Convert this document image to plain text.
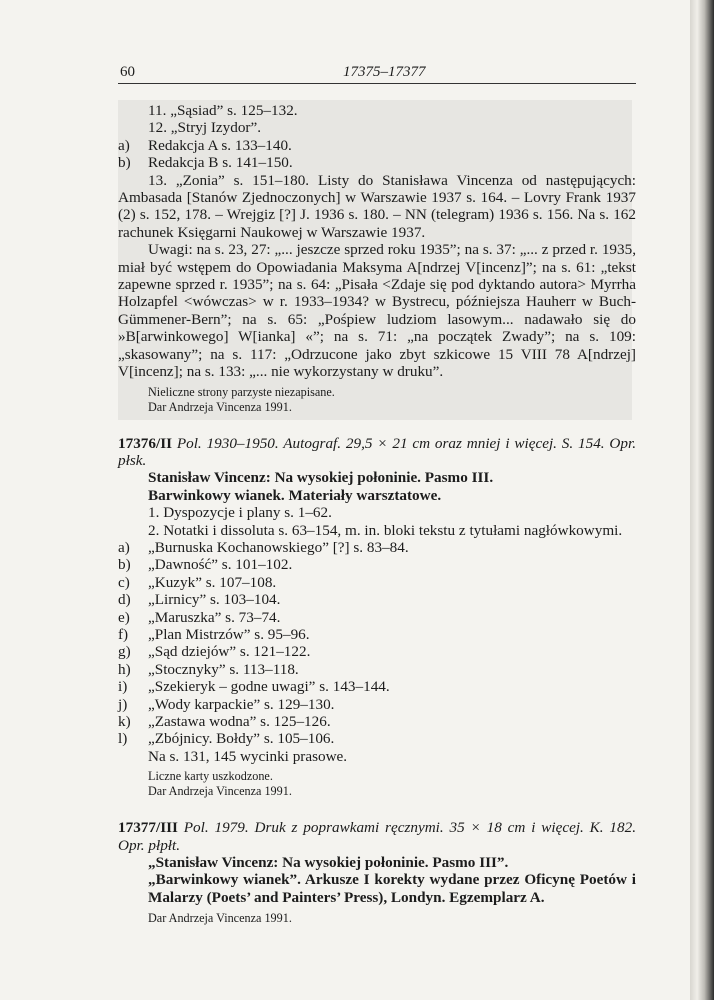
60	17375–17377
11. „Sąsiad” s. 125–132.
12. „Stryj Izydor”.
a) Redakcja A s. 133–140.
b) Redakcja B s. 141–150.
13. „Zonia” s. 151–180. Listy do Stanisława Vincenza od następujących: Ambasada [Stanów Zjednoczonych] w Warszawie 1937 s. 164. – Lovry Frank 1937 (2) s. 152, 178. – Wrejgiz [?] J. 1936 s. 180. – NN (telegram) 1936 s. 156. Na s. 162 rachunek Księgarni Naukowej w Warszawie 1937.
Uwagi: na s. 23, 27: „... jeszcze sprzed roku 1935”; na s. 37: „... z przed r. 1935, miał być wstępem do Opowiadania Maksyma A[ndrzej V[incenz]”; na s. 61: „tekst zapewne sprzed r. 1935”; na s. 64: „Pisała <Zdaje się pod dyktando autora> Myrrha Holzapfel <wówczas> w r. 1933–1934? w Bystrecu, późniejsza Hauherr w Buch-Gümmener-Bern”; na s. 65: „Pośpiew ludziom lasowym... nadawało się do »B[arwinkowego] W[ianka] «”; na s. 71: „na początek Zwady”; na s. 109: „skasowany”; na s. 117: „Odrzucone jako zbyt szkicowe 15 VIII 78 A[ndrzej] V[incenz]; na s. 133: „... nie wykorzystany w druku”.
Nieliczne strony parzyste niezapisane.
Dar Andrzeja Vincenza 1991.
17376/II Pol. 1930–1950. Autograf. 29,5 × 21 cm oraz mniej i więcej. S. 154. Opr. płsk.
Stanisław Vincenz: Na wysokiej połoninie. Pasmo III.
Barwinkowy wianek. Materiały warsztatowe.
1. Dyspozycje i plany s. 1–62.
2. Notatki i dissoluta s. 63–154, m. in. bloki tekstu z tytułami nagłówkowymi.
a) „Burnuska Kochanowskiego” [?] s. 83–84.
b) „Dawność” s. 101–102.
c) „Kuzyk” s. 107–108.
d) „Lirnicy” s. 103–104.
e) „Maruszka” s. 73–74.
f) „Plan Mistrzów” s. 95–96.
g) „Sąd dziejów” s. 121–122.
h) „Stocznyky” s. 113–118.
i) „Szekieryk – godne uwagi” s. 143–144.
j) „Wody karpackie” s. 129–130.
k) „Zastawa wodna” s. 125–126.
l) „Zbójnicy. Bołdy” s. 105–106.
Na s. 131, 145 wycinki prasowe.
Liczne karty uszkodzone.
Dar Andrzeja Vincenza 1991.
17377/III Pol. 1979. Druk z poprawkami ręcznymi. 35 × 18 cm i więcej. K. 182. Opr. płpłt.
„Stanisław Vincenz: Na wysokiej połoninie. Pasmo III”.
„Barwinkowy wianek”. Arkusze I korekty wydane przez Oficynę Poetów i Malarzy (Poets’ and Painters’ Press), Londyn. Egzemplarz A.
Dar Andrzeja Vincenza 1991.
